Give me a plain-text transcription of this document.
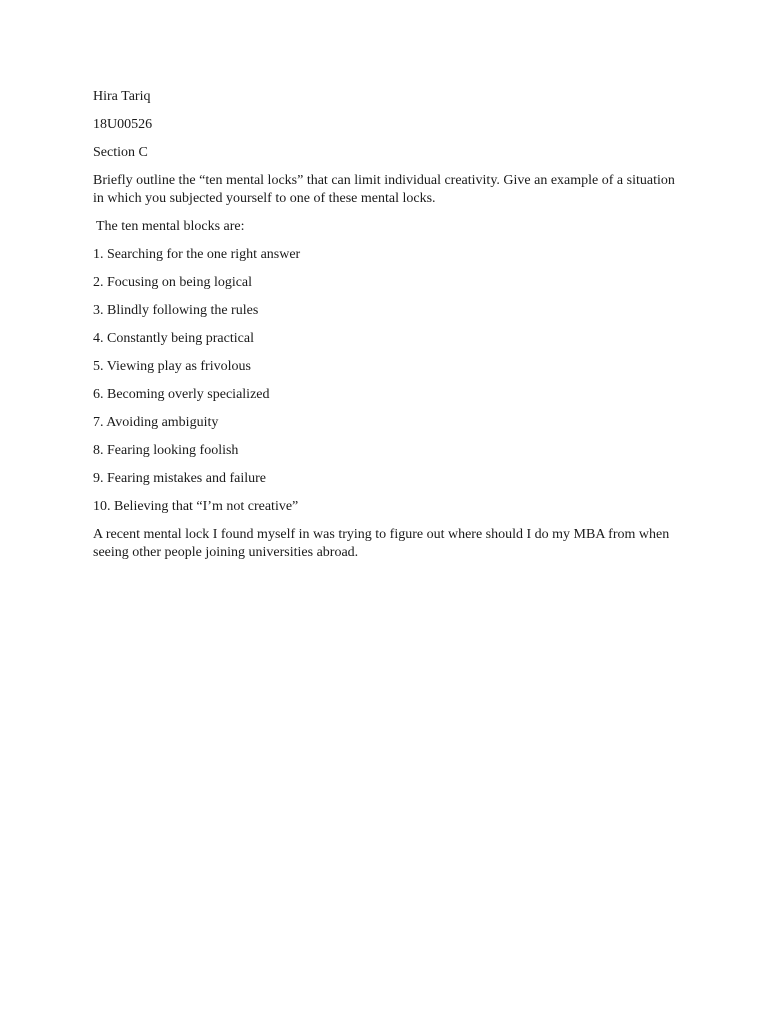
Hira Tariq
18U00526
Section C
Briefly outline the “ten mental locks” that can limit individual creativity. Give an example of a situation in which you subjected yourself to one of these mental locks.
The ten mental blocks are:
1. Searching for the one right answer
2. Focusing on being logical
3. Blindly following the rules
4. Constantly being practical
5. Viewing play as frivolous
6. Becoming overly specialized
7. Avoiding ambiguity
8. Fearing looking foolish
9. Fearing mistakes and failure
10. Believing that “I’m not creative”
A recent mental lock I found myself in was trying to figure out where should I do my MBA from when seeing other people joining universities abroad.
